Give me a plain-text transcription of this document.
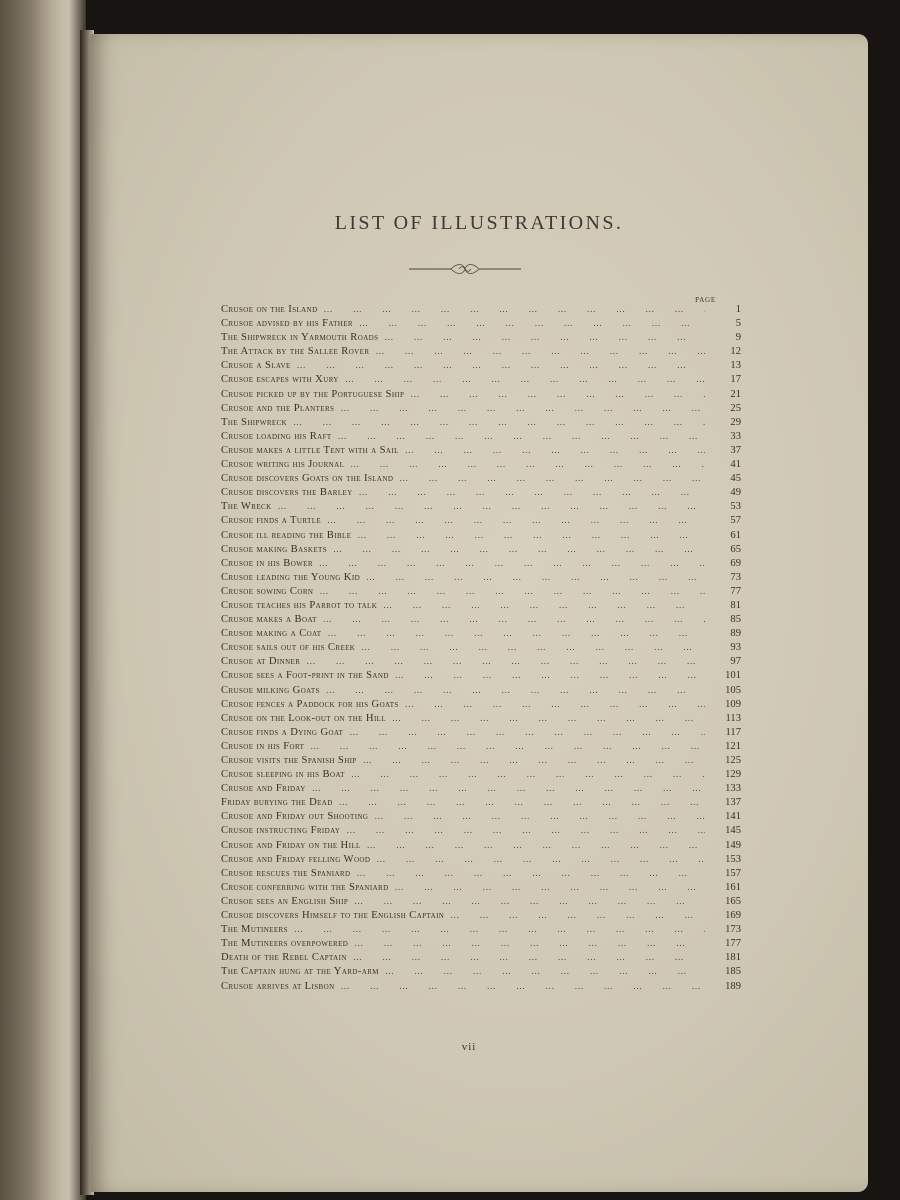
LIST OF ILLUSTRATIONS.
PAGE
Crusoe on the Island … … … … … … … … … … … … … … … … … … … … … … … … … … … … …	1
Crusoe advised by his Father … … … … … … … … … … … … … … … … … … … … … … … … … … … … …	5
The Shipwreck in Yarmouth Roads … … … … … … … … … … … … … … … … … … … … … … … … … … … … …	9
The Attack by the Sallee Rover … … … … … … … … … … … … … … … … … … … … … … … … … … … … …	12
Crusoe a Slave … … … … … … … … … … … … … … … … … … … … … … … … … … … … …	13
Crusoe escapes with Xury … … … … … … … … … … … … … … … … … … … … … … … … … … … … …	17
Crusoe picked up by the Portuguese Ship … … … … … … … … … … … … … … … … … … … … … … … … … … … … …	21
Crusoe and the Planters … … … … … … … … … … … … … … … … … … … … … … … … … … … … …	25
The Shipwreck … … … … … … … … … … … … … … … … … … … … … … … … … … … … …	29
Crusoe loading his Raft … … … … … … … … … … … … … … … … … … … … … … … … … … … … …	33
Crusoe makes a little Tent with a Sail … … … … … … … … … … … … … … … … … … … … … … … … … … … … …	37
Crusoe writing his Journal … … … … … … … … … … … … … … … … … … … … … … … … … … … … …	41
Crusoe discovers Goats on the Island … … … … … … … … … … … … … … … … … … … … … … … … … … … … …	45
Crusoe discovers the Barley … … … … … … … … … … … … … … … … … … … … … … … … … … … … …	49
The Wreck … … … … … … … … … … … … … … … … … … … … … … … … … … … … …	53
Crusoe finds a Turtle … … … … … … … … … … … … … … … … … … … … … … … … … … … … …	57
Crusoe ill reading the Bible … … … … … … … … … … … … … … … … … … … … … … … … … … … … …	61
Crusoe making Baskets … … … … … … … … … … … … … … … … … … … … … … … … … … … … …	65
Crusoe in his Bower … … … … … … … … … … … … … … … … … … … … … … … … … … … … …	69
Crusoe leading the Young Kid … … … … … … … … … … … … … … … … … … … … … … … … … … … … …	73
Crusoe sowing Corn … … … … … … … … … … … … … … … … … … … … … … … … … … … … …	77
Crusoe teaches his Parrot to talk … … … … … … … … … … … … … … … … … … … … … … … … … … … … …	81
Crusoe makes a Boat … … … … … … … … … … … … … … … … … … … … … … … … … … … … …	85
Crusoe making a Coat … … … … … … … … … … … … … … … … … … … … … … … … … … … … …	89
Crusoe sails out of his Creek … … … … … … … … … … … … … … … … … … … … … … … … … … … … …	93
Crusoe at Dinner … … … … … … … … … … … … … … … … … … … … … … … … … … … … …	97
Crusoe sees a Foot-print in the Sand … … … … … … … … … … … … … … … … … … … … … … … … … … … … …	101
Crusoe milking Goats … … … … … … … … … … … … … … … … … … … … … … … … … … … … …	105
Crusoe fences a Paddock for his Goats … … … … … … … … … … … … … … … … … … … … … … … … … … … … …	109
Crusoe on the Look-out on the Hill … … … … … … … … … … … … … … … … … … … … … … … … … … … … …	113
Crusoe finds a Dying Goat … … … … … … … … … … … … … … … … … … … … … … … … … … … … …	117
Crusoe in his Fort … … … … … … … … … … … … … … … … … … … … … … … … … … … … …	121
Crusoe visits the Spanish Ship … … … … … … … … … … … … … … … … … … … … … … … … … … … … …	125
Crusoe sleeping in his Boat … … … … … … … … … … … … … … … … … … … … … … … … … … … … …	129
Crusoe and Friday … … … … … … … … … … … … … … … … … … … … … … … … … … … … …	133
Friday burying the Dead … … … … … … … … … … … … … … … … … … … … … … … … … … … … …	137
Crusoe and Friday out Shooting … … … … … … … … … … … … … … … … … … … … … … … … … … … … …	141
Crusoe instructing Friday … … … … … … … … … … … … … … … … … … … … … … … … … … … … …	145
Crusoe and Friday on the Hill … … … … … … … … … … … … … … … … … … … … … … … … … … … … …	149
Crusoe and Friday felling Wood … … … … … … … … … … … … … … … … … … … … … … … … … … … … …	153
Crusoe rescues the Spaniard … … … … … … … … … … … … … … … … … … … … … … … … … … … … …	157
Crusoe conferring with the Spaniard … … … … … … … … … … … … … … … … … … … … … … … … … … … … …	161
Crusoe sees an English Ship … … … … … … … … … … … … … … … … … … … … … … … … … … … … …	165
Crusoe discovers Himself to the English Captain … … … … … … … … … … … … … … … … … … … … … … … … … … … … …	169
The Mutineers … … … … … … … … … … … … … … … … … … … … … … … … … … … … …	173
The Mutineers overpowered … … … … … … … … … … … … … … … … … … … … … … … … … … … … …	177
Death of the Rebel Captain … … … … … … … … … … … … … … … … … … … … … … … … … … … … …	181
The Captain hung at the Yard-arm … … … … … … … … … … … … … … … … … … … … … … … … … … … … …	185
Crusoe arrives at Lisbon … … … … … … … … … … … … … … … … … … … … … … … … … … … … …	189
vii
